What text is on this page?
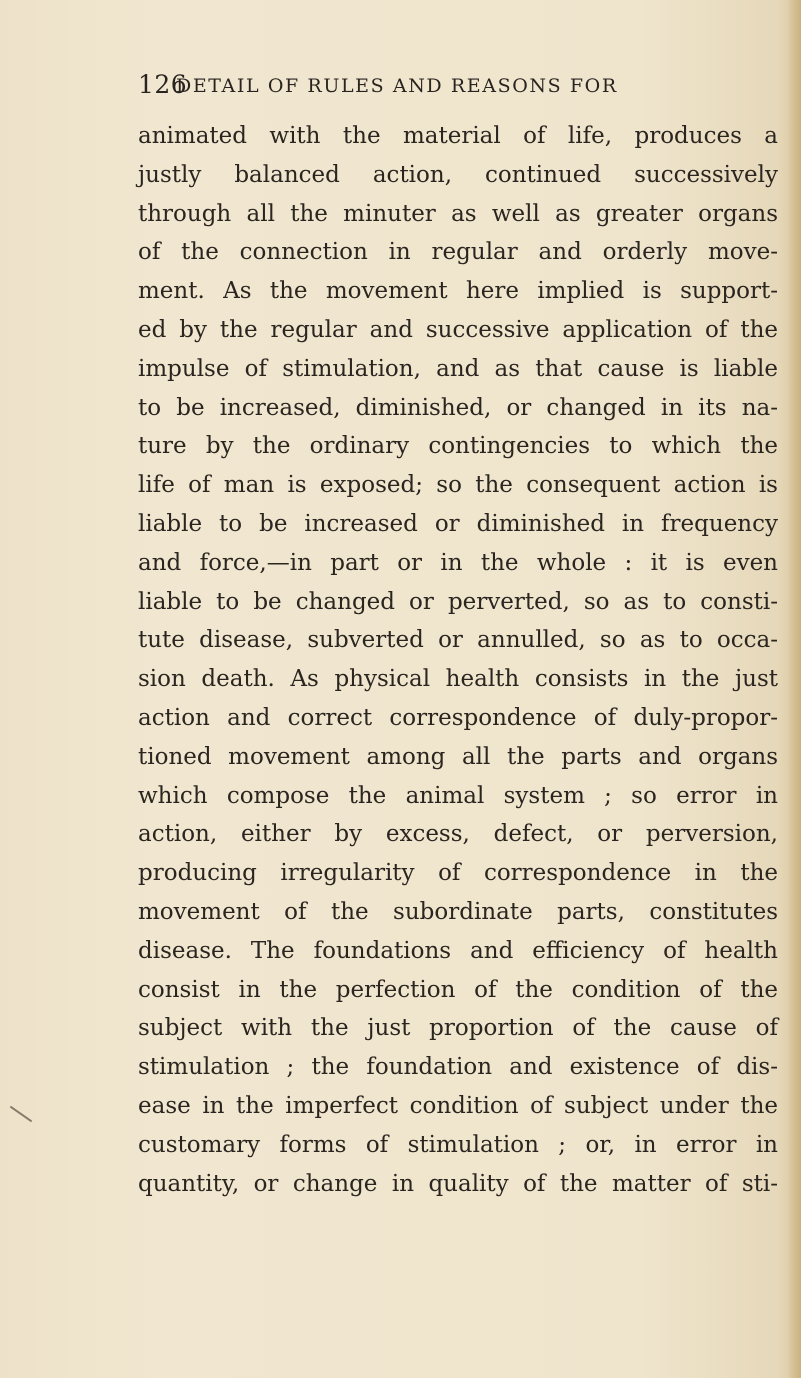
126
DETAIL OF RULES AND REASONS FOR
animated with the material of life, produces a
justly balanced action, continued successively
through all the minuter as well as greater organs
of the connection in regular and orderly move-
ment. As the movement here implied is support-
ed by the regular and successive application of the
impulse of stimulation, and as that cause is liable
to be increased, diminished, or changed in its na-
ture by the ordinary contingencies to which the
life of man is exposed; so the consequent action is
liable to be increased or diminished in frequency
and force,—in part or in the whole : it is even
liable to be changed or perverted, so as to consti-
tute disease, subverted or annulled, so as to occa-
sion death. As physical health consists in the just
action and correct correspondence of duly-propor-
tioned movement among all the parts and organs
which compose the animal system ; so error in
action, either by excess, defect, or perversion,
producing irregularity of correspondence in the
movement of the subordinate parts, constitutes
disease. The foundations and efficiency of health
consist in the perfection of the condition of the
subject with the just proportion of the cause of
stimulation ; the foundation and existence of dis-
ease in the imperfect condition of subject under the
customary forms of stimulation ; or, in error in
quantity, or change in quality of the matter of sti-
